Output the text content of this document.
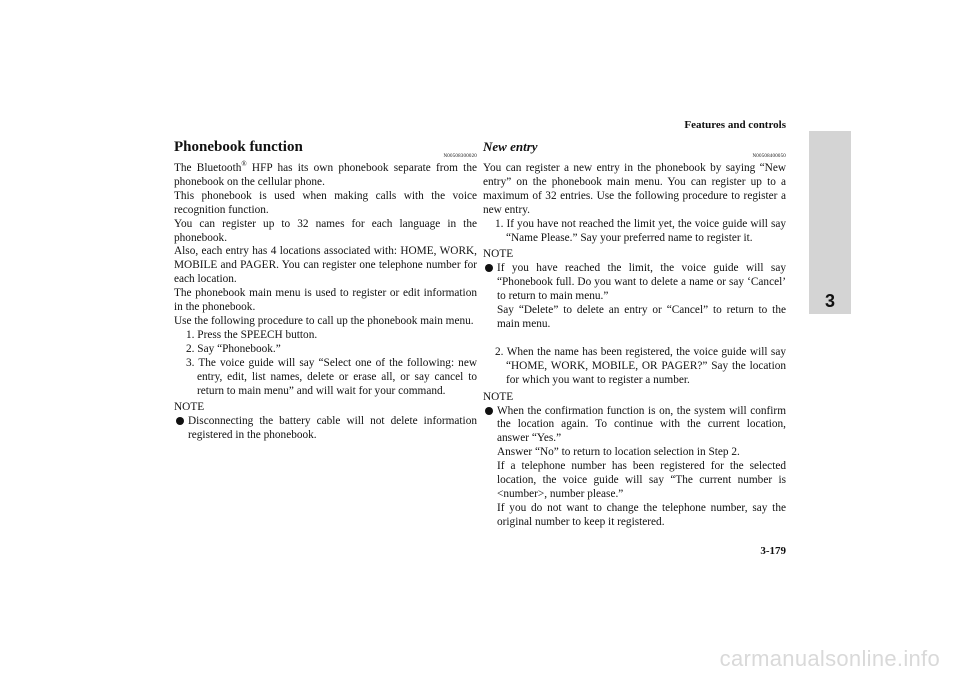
Features and controls
3
Phonebook function
N00508300020

The Bluetooth® HFP has its own phonebook separate from the phonebook on the cellular phone.

This phonebook is used when making calls with the voice recognition function.

You can register up to 32 names for each language in the phonebook.

Also, each entry has 4 locations associated with: HOME, WORK, MOBILE and PAGER. You can register one telephone number for each location.

The phonebook main menu is used to register or edit information in the phonebook.

Use the following procedure to call up the phonebook main menu.

1. Press the SPEECH button.

2. Say “Phonebook.”

3. The voice guide will say “Select one of the following: new entry, edit, list names, delete or erase all, or say cancel to return to main menu” and will wait for your command.

NOTE

Disconnecting the battery cable will not delete information registered in the phonebook.

New entry
N00508400050

You can register a new entry in the phonebook by saying “New entry” on the phonebook main menu. You can register up to a maximum of 32 entries. Use the following procedure to register a new entry.

1. If you have not reached the limit yet, the voice guide will say “Name Please.” Say your preferred name to register it.

NOTE

If you have reached the limit, the voice guide will say “Phonebook full. Do you want to delete a name or say ‘Cancel’ to return to main menu.”

Say “Delete” to delete an entry or “Cancel” to return to the main menu.

2. When the name has been registered, the voice guide will say “HOME, WORK, MOBILE, OR PAGER?” Say the location for which you want to register a number.

NOTE

When the confirmation function is on, the system will confirm the location again. To continue with the current location, answer “Yes.”

Answer “No” to return to location selection in Step 2.

If a telephone number has been registered for the selected location, the voice guide will say “The current number is <number>, number please.”

If you do not want to change the telephone number, say the original number to keep it registered.

3-179
carmanualsonline.info
